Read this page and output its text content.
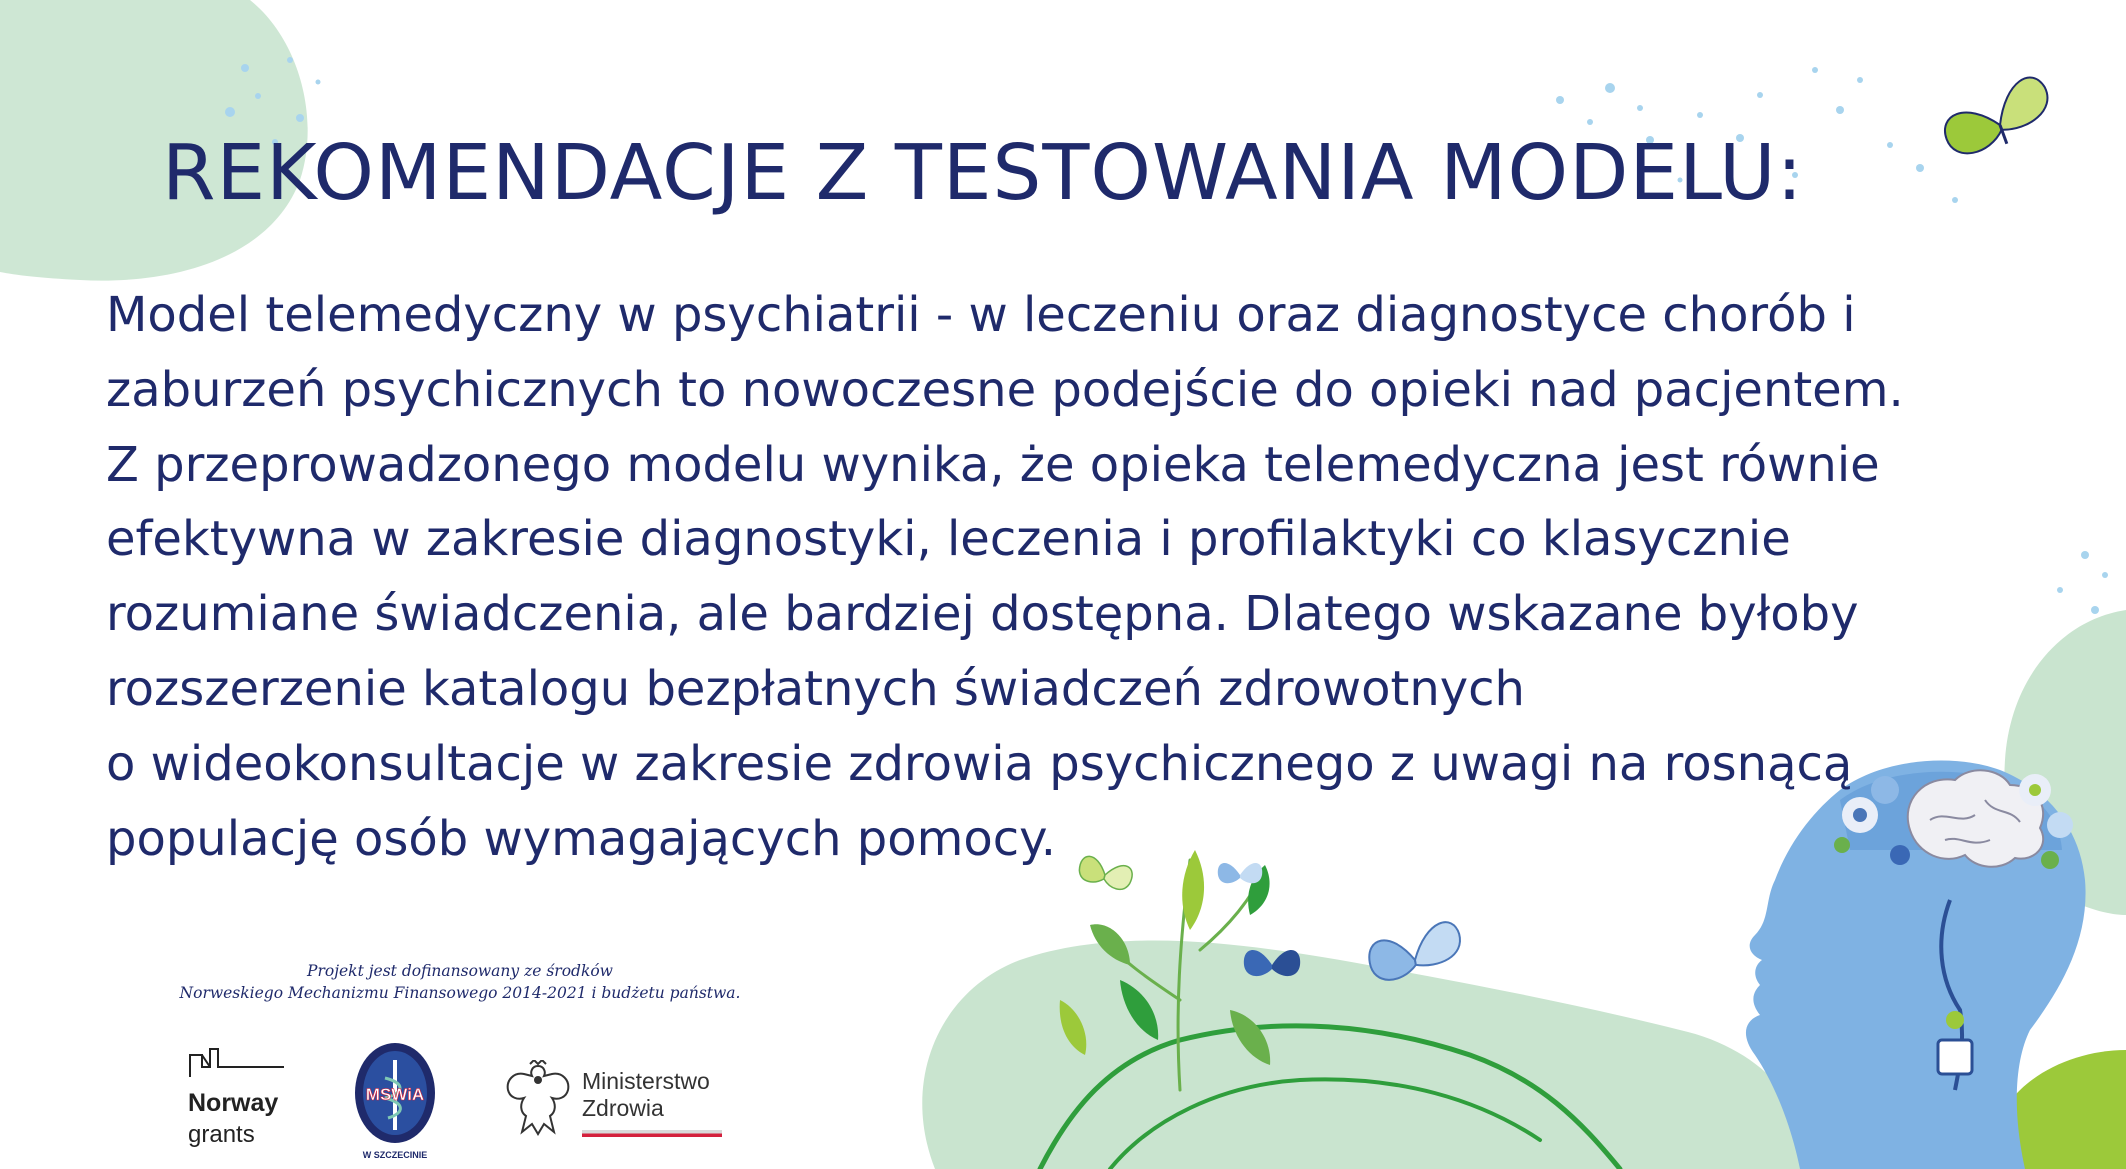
REKOMENDACJE Z TESTOWANIA MODELU:

Model telemedyczny w psychiatrii - w leczeniu oraz diagnostyce chorób i
zaburzeń psychicznych to nowoczesne podejście do opieki nad pacjentem.
Z przeprowadzonego modelu wynika, że opieka telemedyczna jest równie
efektywna w zakresie diagnostyki, leczenia i profilaktyki co klasycznie
rozumiane świadczenia, ale bardziej dostępna. Dlatego wskazane byłoby
rozszerzenie katalogu bezpłatnych świadczeń zdrowotnych
o wideokonsultacje w zakresie zdrowia psychicznego z uwagi na rosnącą
populację osób wymagających pomocy.

Projekt jest dofinansowany ze środków
Norweskiego Mechanizmu Finansowego 2014-2021 i budżetu państwa.
Norway
grants
MSWiA
W SZCZECINIE
Ministerstwo
Zdrowia
